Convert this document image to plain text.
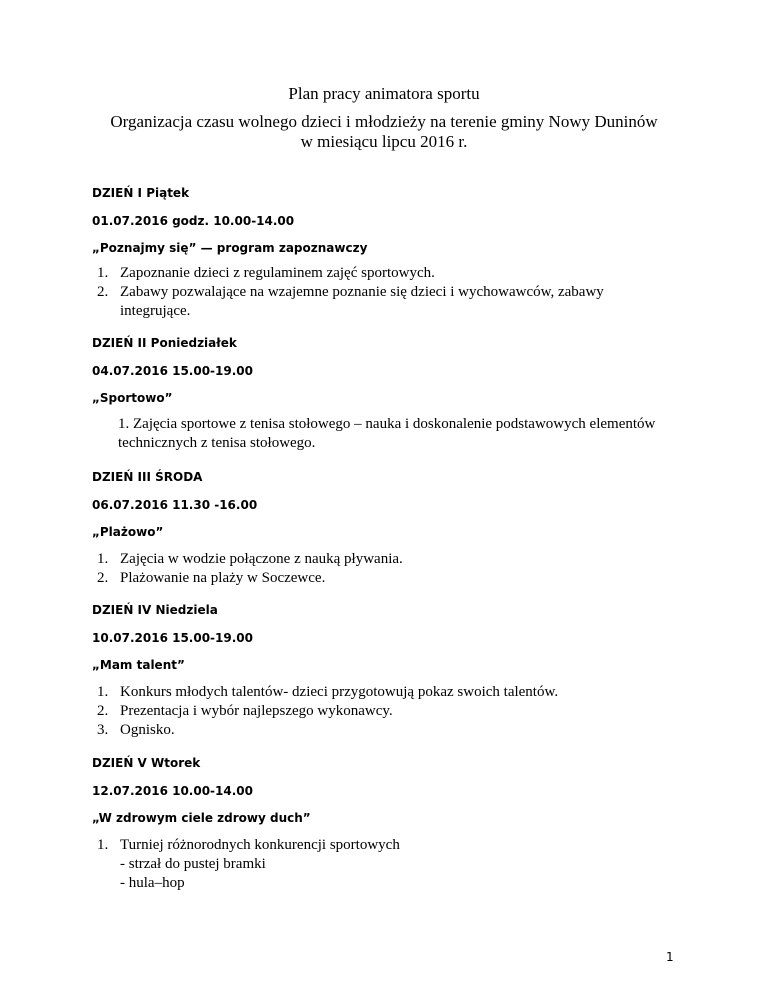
Plan pracy animatora sportu
Organizacja czasu wolnego dzieci i młodzieży na terenie gminy Nowy Duninów
w miesiącu lipcu 2016 r.
DZIEŃ I Piątek
01.07.2016 godz. 10.00-14.00
„Poznajmy się” — program zapoznawczy
1. Zapoznanie dzieci z regulaminem zajęć sportowych.
2. Zabawy pozwalające na wzajemne poznanie się dzieci i wychowawców, zabawy
integrujące.
DZIEŃ II Poniedziałek
04.07.2016 15.00-19.00
„Sportowo”
1. Zajęcia sportowe z tenisa stołowego – nauka i doskonalenie podstawowych elementów
technicznych z tenisa stołowego.
DZIEŃ III ŚRODA
06.07.2016 11.30 -16.00
„Plażowo”
1. Zajęcia w wodzie połączone z nauką pływania.
2. Plażowanie na plaży w Soczewce.
DZIEŃ IV Niedziela
10.07.2016 15.00-19.00
„Mam talent”
1. Konkurs młodych talentów- dzieci przygotowują pokaz swoich talentów.
2. Prezentacja i wybór najlepszego wykonawcy.
3. Ognisko.
DZIEŃ V Wtorek
12.07.2016 10.00-14.00
„W zdrowym ciele zdrowy duch”
1. Turniej różnorodnych konkurencji sportowych
- strzał do pustej bramki
- hula–hop
1
